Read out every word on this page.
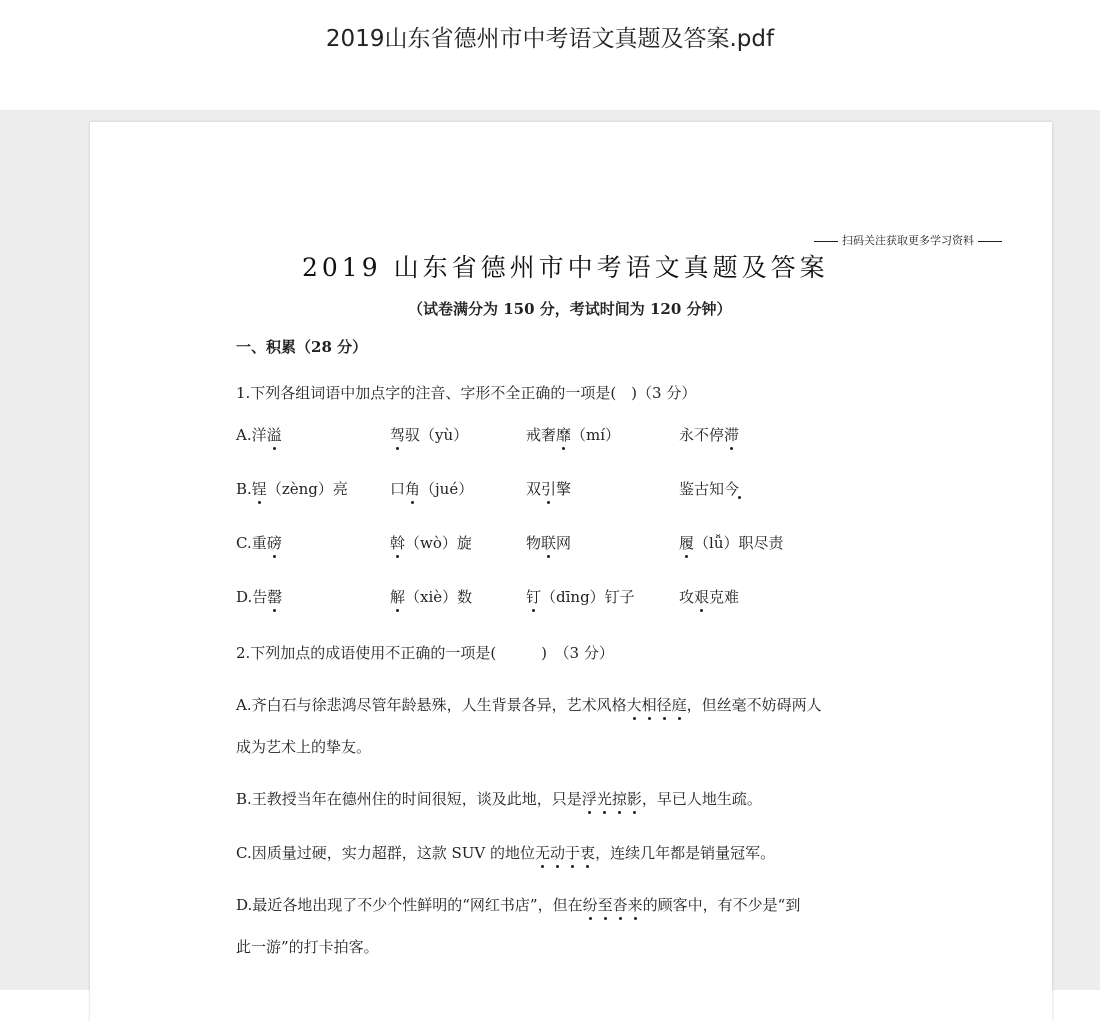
2019山东省德州市中考语文真题及答案.pdf
扫码关注获取更多学习资料
2019 山东省德州市中考语文真题及答案
（试卷满分为 150 分，考试时间为 120 分钟）
一、积累（28 分）
1.下列各组词语中加点字的注音、字形不全正确的一项是(　)（3 分）
A.洋溢	驾驭（yù）	戒奢靡（mí）	永不停滞
B.锃（zèng）亮	口角（jué）	双引擎	鉴古知今
C.重磅	斡（wò）旋	物联网	履（lǚ）职尽责
D.告罄	解（xiè）数	钉（dīng）钉子	攻艰克难
2.下列加点的成语使用不正确的一项是(　　　)　（3 分）
A.齐白石与徐悲鸿尽管年龄悬殊，人生背景各异，艺术风格大相径庭，但丝毫不妨碍两人
成为艺术上的挚友。
B.王教授当年在德州住的时间很短，谈及此地，只是浮光掠影，早已人地生疏。
C.因质量过硬，实力超群，这款 SUV 的地位无动于衷，连续几年都是销量冠军。
D.最近各地出现了不少个性鲜明的“网红书店”，但在纷至沓来的顾客中，有不少是“到
此一游”的打卡拍客。
